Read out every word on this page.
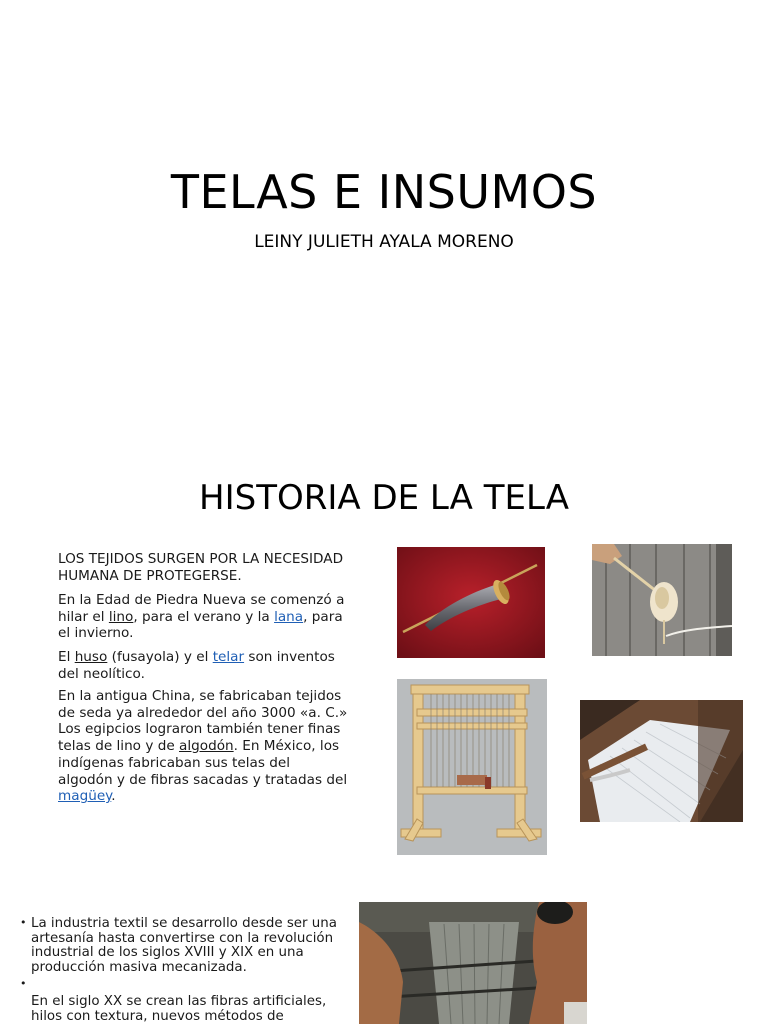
TELAS E INSUMOS
LEINY JULIETH AYALA MORENO
HISTORIA DE LA TELA

LOS TEJIDOS SURGEN POR LA NECESIDAD HUMANA DE PROTEGERSE.

En la Edad de Piedra Nueva se comenzó a hilar el lino, para el verano y la lana, para el invierno.

El huso (fusayola) y el telar son inventos del neolítico.

En la antigua China, se fabricaban tejidos de seda ya alrededor del año 3000 «a. C.» Los egipcios lograron también tener finas telas de lino y de algodón. En México, los indígenas fabricaban sus telas del algodón y de fibras sacadas y tratadas del magüey.

• La industria textil se desarrollo desde ser una artesanía hasta convertirse con la revolución industrial de los siglos XVIII y XIX en una producción masiva mecanizada.
•
En el siglo XX se crean las fibras artificiales, hilos con textura, nuevos métodos de
